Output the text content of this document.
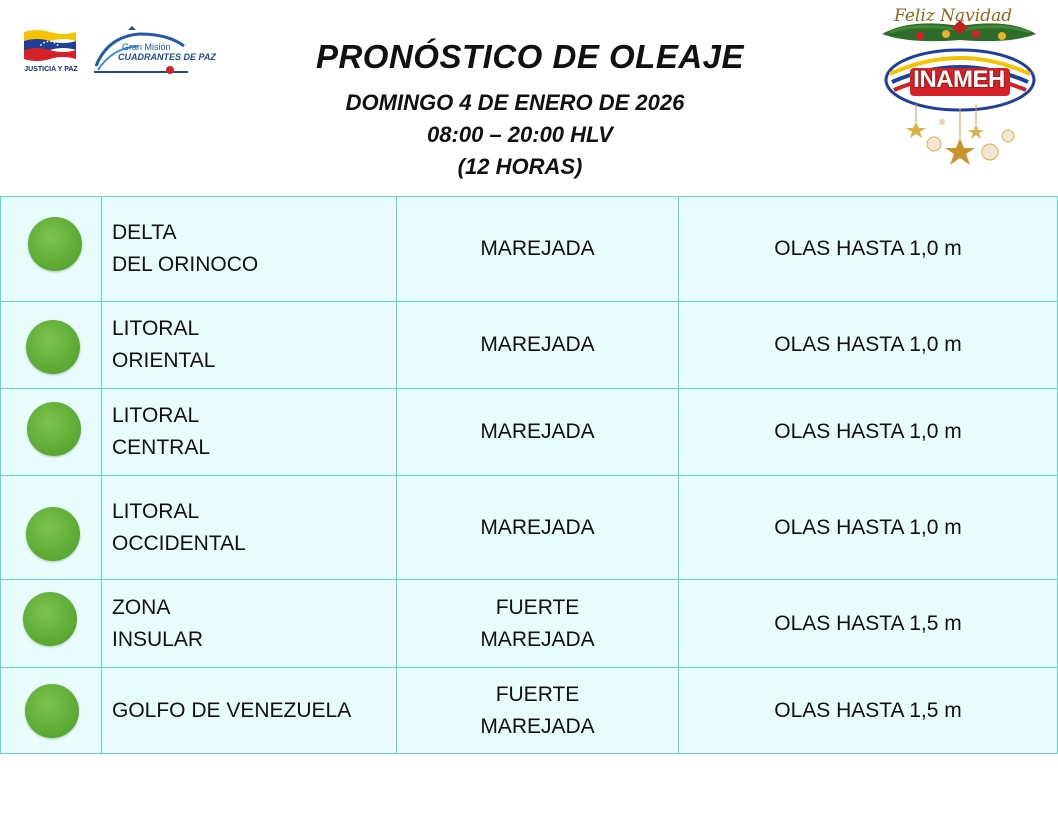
JUSTICIA Y PAZ
Gran Misión
CUADRANTES DE PAZ	PRONÓSTICO DE OLEAJE
DOMINGO 4 DE ENERO DE 2026
08:00 – 20:00 HLV
(12 HORAS)
Feliz Navidad
INAMEH

	DELTA
DEL ORINOCO	MAREJADA	OLAS HASTA 1,0 m

	LITORAL
ORIENTAL	MAREJADA	OLAS HASTA 1,0 m

	LITORAL
CENTRAL	MAREJADA	OLAS HASTA 1,0 m

	LITORAL
OCCIDENTAL	MAREJADA	OLAS HASTA 1,0 m

	ZONA
INSULAR	FUERTE
MAREJADA	OLAS HASTA 1,5 m

	GOLFO DE VENEZUELA	FUERTE
MAREJADA	OLAS HASTA 1,5 m
